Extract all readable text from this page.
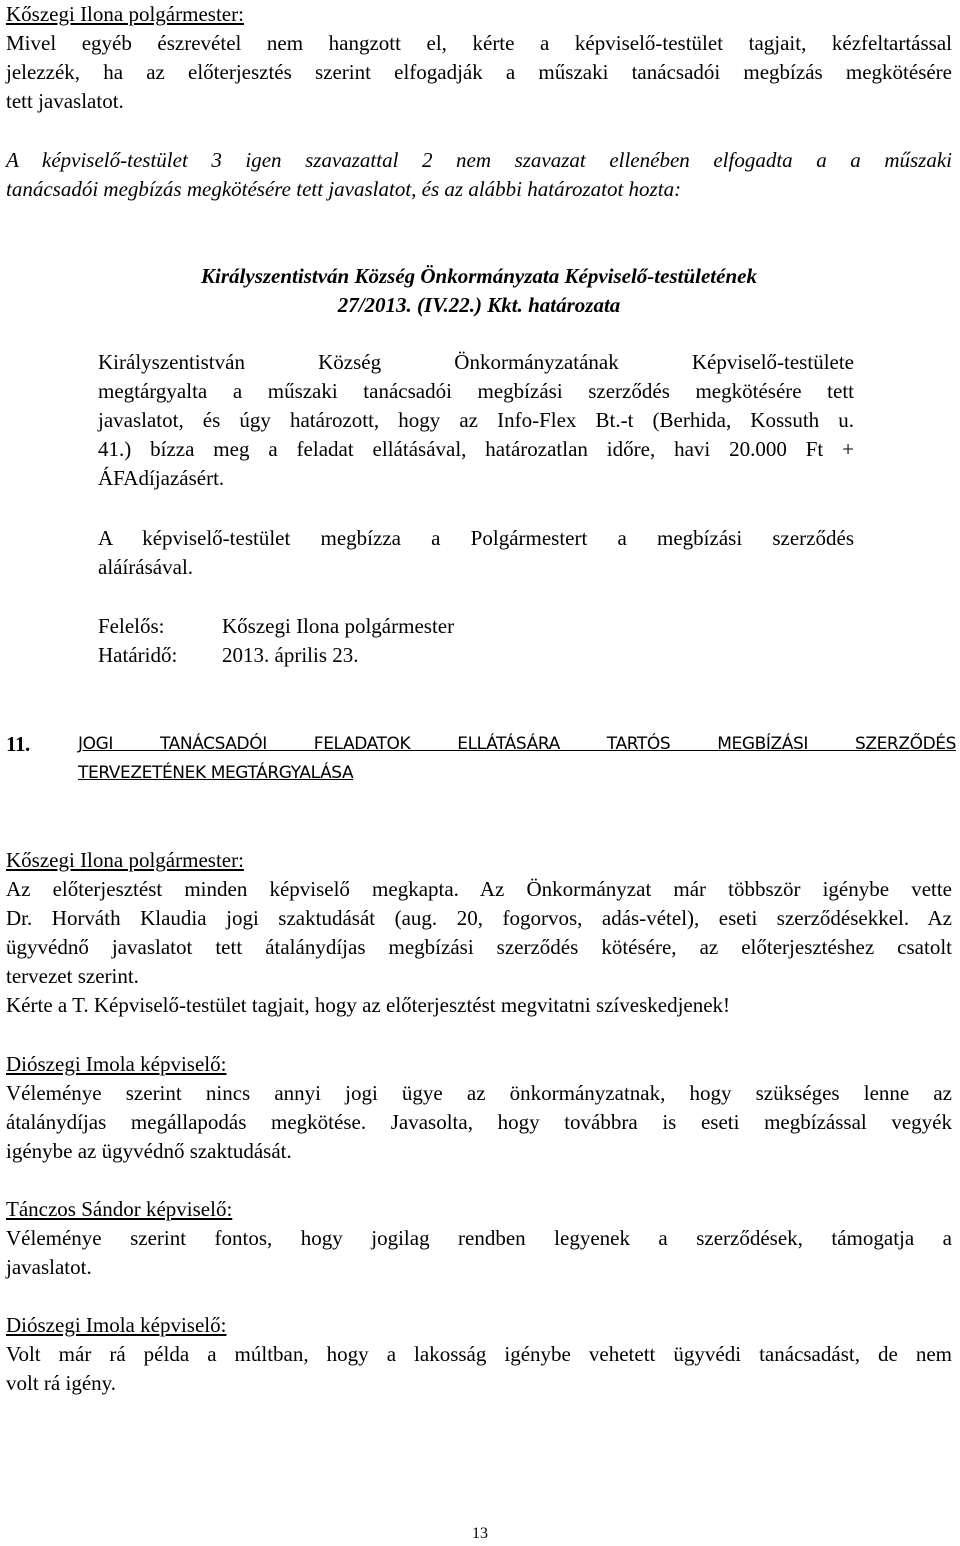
Kőszegi Ilona polgármester:

Mivel egyéb észrevétel nem hangzott el, kérte a képviselő-testület tagjait, kézfeltartással

jelezzék, ha az előterjesztés szerint elfogadják a műszaki tanácsadói megbízás megkötésére

tett javaslatot.

A képviselő-testület 3 igen szavazattal 2 nem szavazat ellenében elfogadta a a műszaki

tanácsadói megbízás megkötésére tett javaslatot, és az alábbi határozatot hozta:

Királyszentistván Község Önkormányzata Képviselő-testületének

27/2013. (IV.22.) Kkt. határozata

Királyszentistván Község Önkormányzatának Képviselő-testülete

megtárgyalta a műszaki tanácsadói megbízási szerződés megkötésére tett

javaslatot, és úgy határozott, hogy az Info-Flex Bt.-t (Berhida, Kossuth u.

41.) bízza meg a feladat ellátásával, határozatlan időre, havi 20.000 Ft +

ÁFAdíjazásért.

A képviselő-testület megbízza a Polgármestert a megbízási szerződés

aláírásával.

Felelős:	Kőszegi Ilona polgármester
Határidő: 2013. április 23.
11.	JOGI TANÁCSADÓI FELADATOK ELLÁTÁSÁRA TARTÓS MEGBÍZÁSI SZERZŐDÉS
TERVEZETÉNEK MEGTÁRGYALÁSA

Kőszegi Ilona polgármester:

Az előterjesztést minden képviselő megkapta. Az Önkormányzat már többször igénybe vette

Dr. Horváth Klaudia jogi szaktudását (aug. 20, fogorvos, adás-vétel), eseti szerződésekkel. Az

ügyvédnő javaslatot tett átalánydíjas megbízási szerződés kötésére, az előterjesztéshez csatolt

tervezet szerint.

Kérte a T. Képviselő-testület tagjait, hogy az előterjesztést megvitatni szíveskedjenek!

Diószegi Imola képviselő:

Véleménye szerint nincs annyi jogi ügye az önkormányzatnak, hogy szükséges lenne az

átalánydíjas megállapodás megkötése. Javasolta, hogy továbbra is eseti megbízással vegyék

igénybe az ügyvédnő szaktudását.

Tánczos Sándor képviselő:

Véleménye szerint fontos, hogy jogilag rendben legyenek a szerződések, támogatja a

javaslatot.

Diószegi Imola képviselő:

Volt már rá példa a múltban, hogy a lakosság igénybe vehetett ügyvédi tanácsadást, de nem

volt rá igény.

13
